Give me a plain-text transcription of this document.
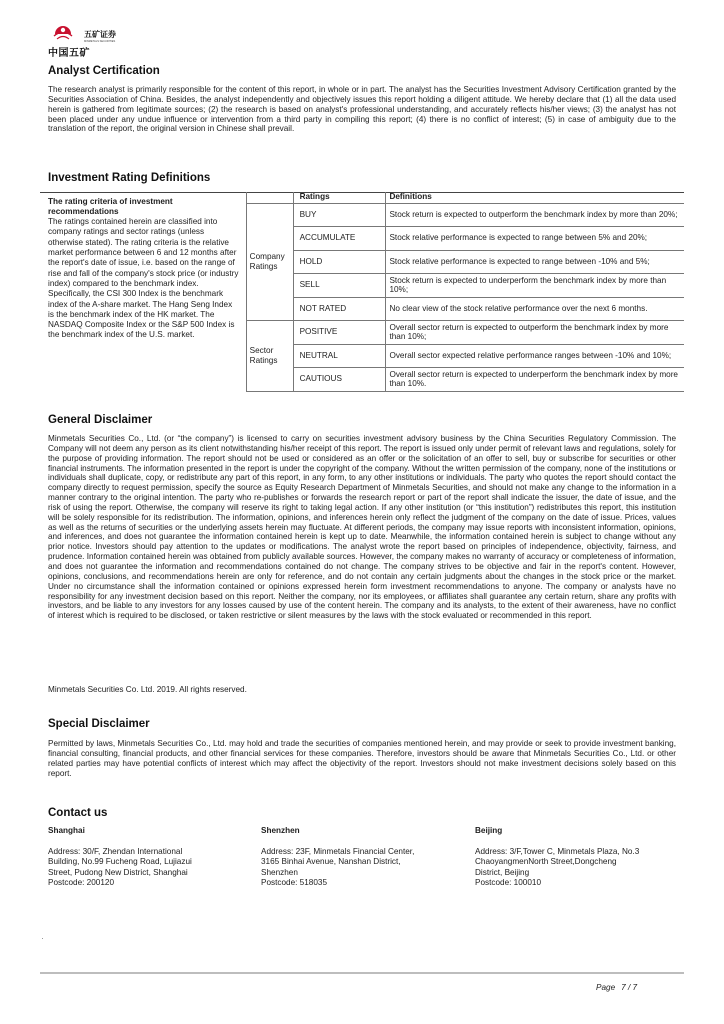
中国五矿
五矿证券
MINMETALS SECURITIES
Analyst Certification

The research analyst is primarily responsible for the content of this report, in whole or in part. The analyst has the Securities Investment Advisory Certification granted by the Securities Association of China. Besides, the analyst independently and objectively issues this report holding a diligent attitude. We hereby declare that (1) all the data used herein is gathered from legitimate sources; (2) the research is based on analyst's professional understanding, and accurately reflects his/her views; (3) the analyst has not been placed under any undue influence or intervention from a third party in compiling this report; (4) there is no conflict of interest; (5) in case of ambiguity due to the translation of the report, the original version in Chinese shall prevail.

Investment Rating Definitions
The rating criteria of investment recommendations
The ratings contained herein are classified into company ratings and sector ratings (unless otherwise stated). The rating criteria is the relative market performance between 6 and 12 months after the report's date of issue, i.e. based on the range of rise and fall of the company's stock price (or industry index) compared to the benchmark index. Specifically, the CSI 300 Index is the benchmark index of the A-share market. The Hang Seng Index is the benchmark index of the HK market. The NASDAQ Composite Index or the S&P 500 Index is the benchmark index of the U.S. market.		Ratings	Definitions
	Company Ratings	BUY	Stock return is expected to outperform the benchmark index by more than 20%;
		ACCUMULATE	Stock relative performance is expected to range between 5% and 20%;
		HOLD	Stock relative performance is expected to range between -10% and 5%;
		SELL	Stock return is expected to underperform the benchmark index by more than 10%;
		NOT RATED	No clear view of the stock relative performance over the next 6 months.
	Sector Ratings	POSITIVE	Overall sector return is expected to outperform the benchmark index by more than 10%;
		NEUTRAL	Overall sector expected relative performance ranges between -10% and 10%;
		CAUTIOUS	Overall sector return is expected to underperform the benchmark index by more than 10%.
General Disclaimer

Minmetals Securities Co., Ltd. (or “the company”) is licensed to carry on securities investment advisory business by the China Securities Regulatory Commission. The Company will not deem any person as its client notwithstanding his/her receipt of this report. The report is issued only under permit of relevant laws and regulations, solely for the purpose of providing information. The report should not be used or considered as an offer or the solicitation of an offer to sell, buy or subscribe for securities or other financial instruments. The information presented in the report is under the copyright of the company. Without the written permission of the company, none of the institutions or individuals shall duplicate, copy, or redistribute any part of this report, in any form, to any other institutions or individuals. The party who quotes the report should contact the company directly to request permission, specify the source as Equity Research Department of Minmetals Securities, and should not make any change to the information in a manner contrary to the original intention. The party who re-publishes or forwards the research report or part of the report shall indicate the issuer, the date of issue, and the risk of using the report. Otherwise, the company will reserve its right to taking legal action. If any other institution (or “this institution”) redistributes this report, this institution will be solely responsible for its redistribution. The information, opinions, and inferences herein only reflect the judgment of the company on the date of issue. Prices, values as well as the returns of securities or the underlying assets herein may fluctuate. At different periods, the company may issue reports with inconsistent information, opinions, and inferences, and does not guarantee the information contained herein is kept up to date. Meanwhile, the information contained herein is subject to change without any prior notice. Investors should pay attention to the updates or modifications. The analyst wrote the report based on principles of independence, objectivity, fairness, and prudence. Information contained herein was obtained from publicly available sources. However, the company makes no warranty of accuracy or completeness of information, and does not guarantee the information and recommendations contained do not change. The company strives to be objective and fair in the report's content. However, opinions, conclusions, and recommendations herein are only for reference, and do not contain any certain judgments about the changes in the stock price or the market. Under no circumstance shall the information contained or opinions expressed herein form investment recommendations to anyone. The company or analysts have no responsibility for any investment decision based on this report. Neither the company, nor its employees, or affiliates shall guarantee any certain return, share any profits with investors, and be liable to any investors for any losses caused by use of the content herein. The company and its analysts, to the extent of their awareness, have no conflict of interest which is required to be disclosed, or taken restrictive or silent measures by the laws with the stock evaluated or recommended in this report.

Minmetals Securities Co. Ltd. 2019. All rights reserved.

Special Disclaimer

Permitted by laws, Minmetals Securities Co., Ltd. may hold and trade the securities of companies mentioned herein, and may provide or seek to provide investment banking, financial consulting, financial products, and other financial services for these companies. Therefore, investors should be aware that Minmetals Securities Co., Ltd. or other related parties may have potential conflicts of interest which may affect the objectivity of the report. Investors should not make investment decisions solely based on this report.

Contact us
Shanghai
Address: 30/F, Zhendan International
Building, No.99 Fucheng Road, Lujiazui
Street, Pudong New District, Shanghai
Postcode: 200120
Shenzhen
Address: 23F, Minmetals Financial Center,
3165 Binhai Avenue, Nanshan District,
Shenzhen
Postcode: 518035
Beijing
Address: 3/F,Tower C, Minmetals Plaza, No.3
ChaoyangmenNorth Street,Dongcheng
District, Beijing
Postcode: 100010
Page 7 / 7
